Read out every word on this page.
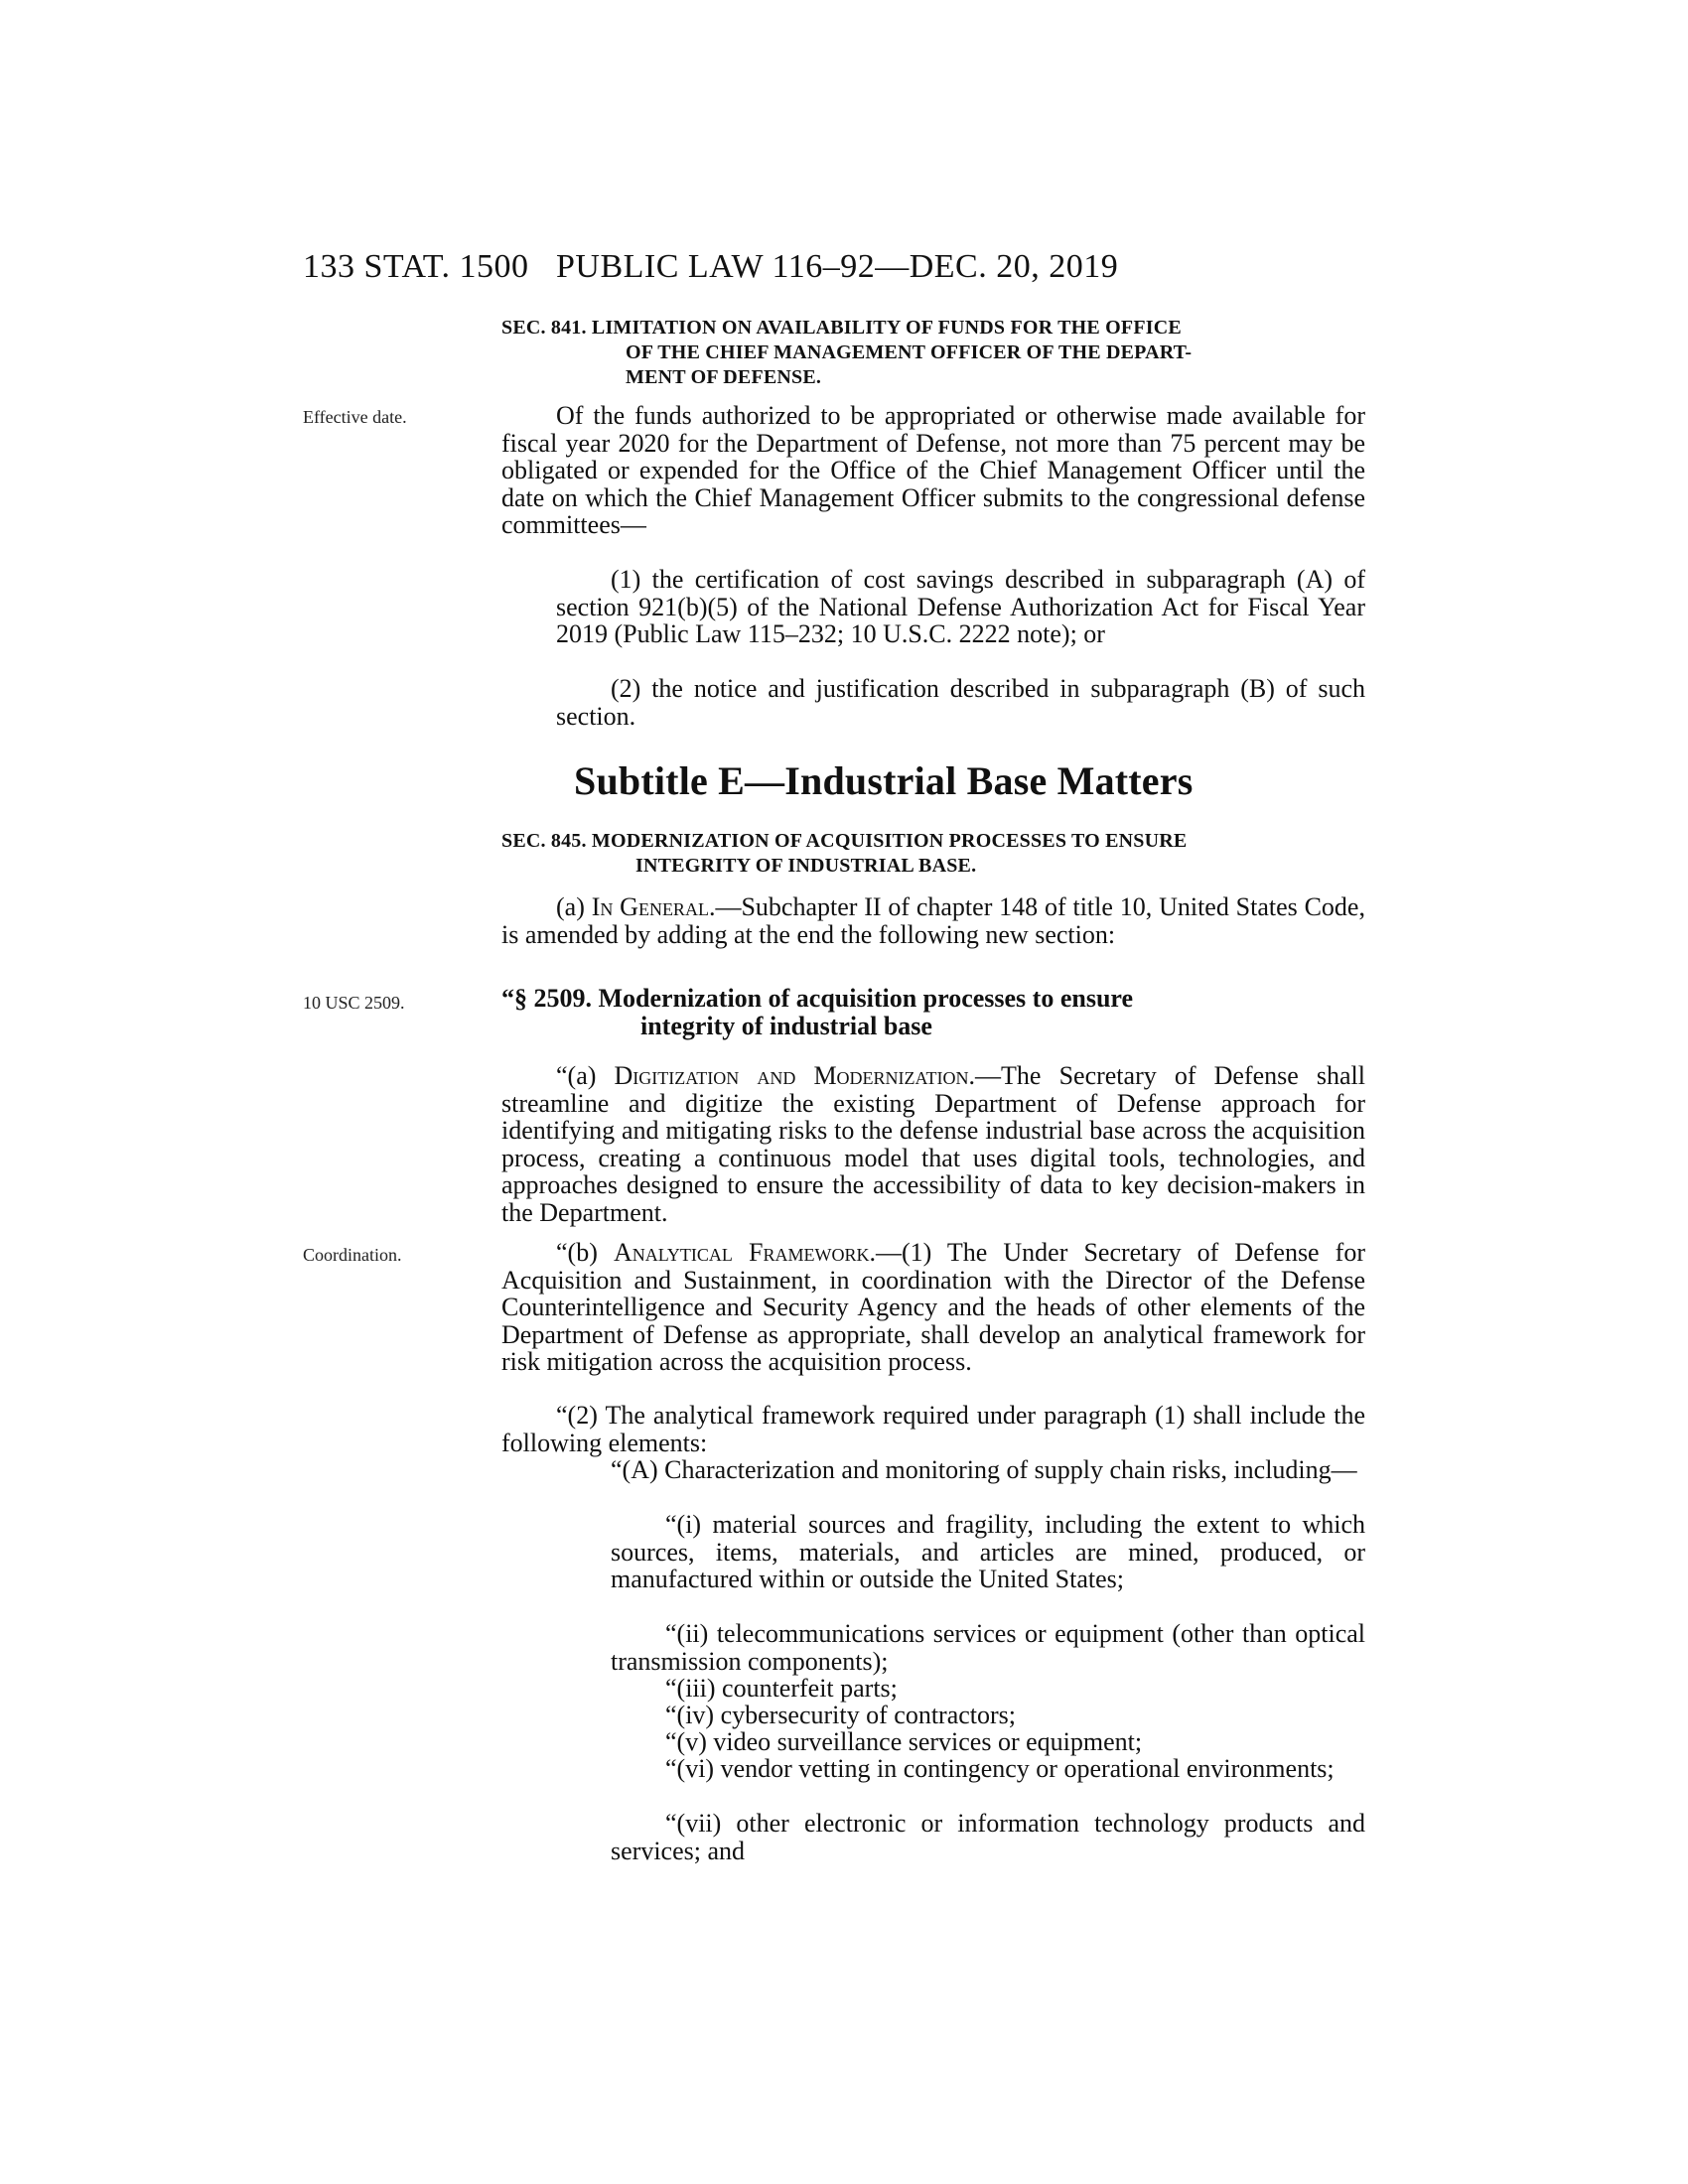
133 STAT. 1500 PUBLIC LAW 116–92—DEC. 20, 2019
SEC. 841. LIMITATION ON AVAILABILITY OF FUNDS FOR THE OFFICE
OF THE CHIEF MANAGEMENT OFFICER OF THE DEPART-
MENT OF DEFENSE.
Effective date.	Of the funds authorized to be appropriated or otherwise made available for fiscal year 2020 for the Department of Defense, not more than 75 percent may be obligated or expended for the Office of the Chief Management Officer until the date on which the Chief Management Officer submits to the congressional defense committees—
(1) the certification of cost savings described in subparagraph (A) of section 921(b)(5) of the National Defense Authorization Act for Fiscal Year 2019 (Public Law 115–232; 10 U.S.C. 2222 note); or
(2) the notice and justification described in subparagraph (B) of such section.
Subtitle E—Industrial Base Matters
SEC. 845. MODERNIZATION OF ACQUISITION PROCESSES TO ENSURE
INTEGRITY OF INDUSTRIAL BASE.
(a) In General.—Subchapter II of chapter 148 of title 10, United States Code, is amended by adding at the end the following new section:
10 USC 2509.	“§ 2509. Modernization of acquisition processes to ensure
integrity of industrial base
“(a) Digitization and Modernization.—The Secretary of Defense shall streamline and digitize the existing Department of Defense approach for identifying and mitigating risks to the defense industrial base across the acquisition process, creating a continuous model that uses digital tools, technologies, and approaches designed to ensure the accessibility of data to key decision-makers in the Department.
Coordination.	“(b) Analytical Framework.—(1) The Under Secretary of Defense for Acquisition and Sustainment, in coordination with the Director of the Defense Counterintelligence and Security Agency and the heads of other elements of the Department of Defense as appropriate, shall develop an analytical framework for risk mitigation across the acquisition process.
“(2) The analytical framework required under paragraph (1) shall include the following elements:
“(A) Characterization and monitoring of supply chain risks, including—
“(i) material sources and fragility, including the extent to which sources, items, materials, and articles are mined, produced, or manufactured within or outside the United States;
“(ii) telecommunications services or equipment (other than optical transmission components);
“(iii) counterfeit parts;
“(iv) cybersecurity of contractors;
“(v) video surveillance services or equipment;
“(vi) vendor vetting in contingency or operational environments;
“(vii) other electronic or information technology products and services; and
